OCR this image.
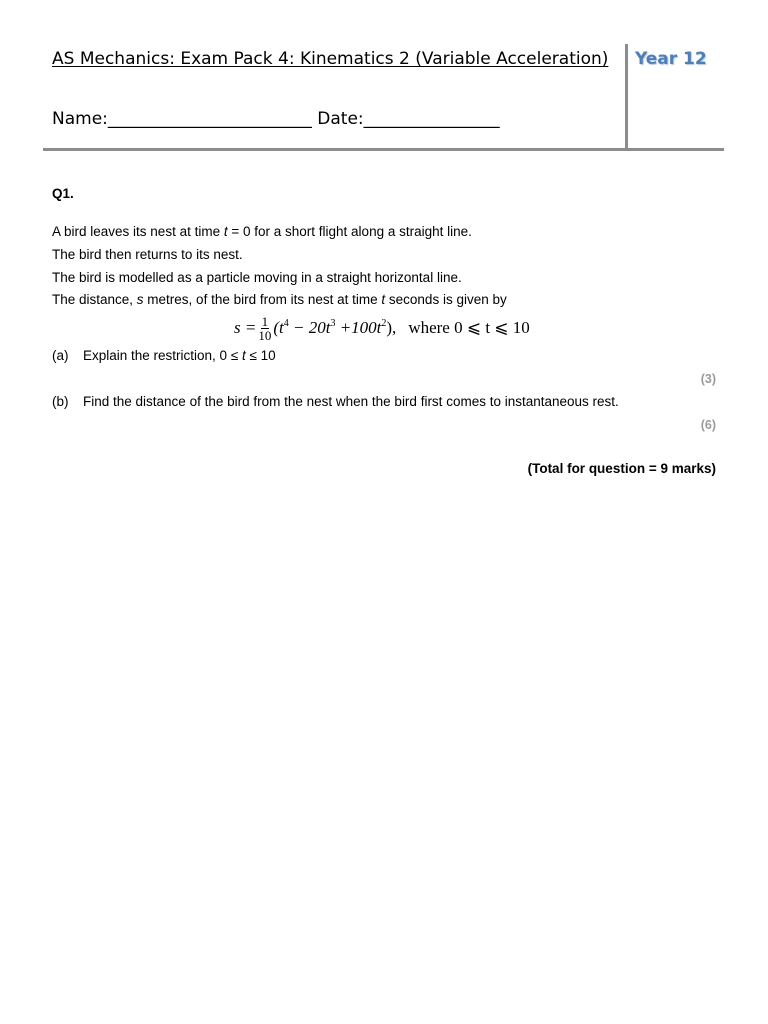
AS Mechanics: Exam Pack 4: Kinematics 2 (Variable Acceleration)
Name:________________________ Date:________________
Year 12
Q1.
A bird leaves its nest at time t = 0 for a short flight along a straight line.
The bird then returns to its nest.
The bird is modelled as a particle moving in a straight horizontal line.
The distance, s metres, of the bird from its nest at time t seconds is given by
$s = \frac{1}{10} (t^4 - 20t^3 +100t^2)$, where 0 ⩽ t ⩽ 10
(a) Explain the restriction, 0 ≤ t ≤ 10
(3)
(b) Find the distance of the bird from the nest when the bird first comes to instantaneous rest.
(6)
(Total for question = 9 marks)
